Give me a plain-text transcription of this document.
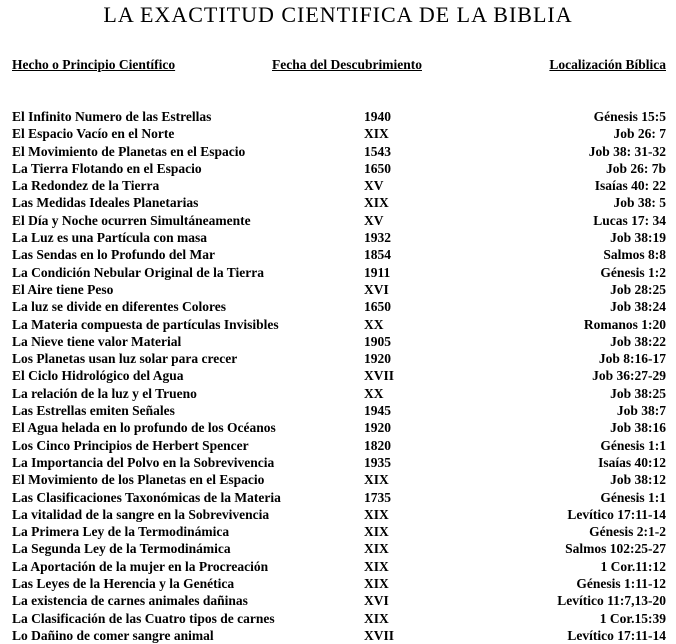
LA EXACTITUD CIENTIFICA DE LA BIBLIA
Hecho o Principio Científico	Fecha del Descubrimiento	Localización Bíblica
El Infinito Numero de las Estrellas	1940	Génesis 15:5
El Espacio Vacío en el Norte	XIX	Job 26: 7
El Movimiento de Planetas en el Espacio	1543	Job 38: 31-32
La Tierra Flotando en el Espacio	1650	Job 26: 7b
La Redondez de la Tierra	XV	Isaías 40: 22
Las Medidas Ideales Planetarias	XIX	Job 38: 5
El Día y Noche ocurren Simultáneamente	XV	Lucas 17: 34
La Luz es una Partícula con masa	1932	Job 38:19
Las Sendas en lo Profundo del Mar	1854	Salmos 8:8
La Condición Nebular Original de la Tierra	1911	Génesis 1:2
El Aire tiene Peso	XVI	Job 28:25
La luz se divide en diferentes Colores	1650	Job 38:24
La Materia compuesta de partículas Invisibles	XX	Romanos 1:20
La Nieve tiene valor Material	1905	Job 38:22
Los Planetas usan luz solar para crecer	1920	Job 8:16-17
El Ciclo Hidrológico del Agua	XVII	Job 36:27-29
La relación de la luz y el Trueno	XX	Job 38:25
Las Estrellas emiten Señales	1945	Job 38:7
El Agua helada en lo profundo de los Océanos	1920	Job 38:16
Los Cinco Principios de Herbert Spencer	1820	Génesis 1:1
La Importancia del Polvo en la Sobrevivencia	1935	Isaías 40:12
El Movimiento de los Planetas en el Espacio	XIX	Job 38:12
Las Clasificaciones Taxonómicas de la Materia	1735	Génesis 1:1
La vitalidad de la sangre en la Sobrevivencia	XIX	Levítico 17:11-14
La Primera Ley de la Termodinámica	XIX	Génesis 2:1-2
La Segunda Ley de la Termodinámica	XIX	Salmos 102:25-27
La Aportación de la mujer en la Procreación	XIX	1 Cor.11:12
Las Leyes de la Herencia y la Genética	XIX	Génesis 1:11-12
La existencia de carnes animales dañinas	XVI	Levítico 11:7,13-20
La Clasificación de las Cuatro tipos de carnes	XIX	1 Cor.15:39
Lo Dañino de comer sangre animal	XVII	Levítico 17:11-14
